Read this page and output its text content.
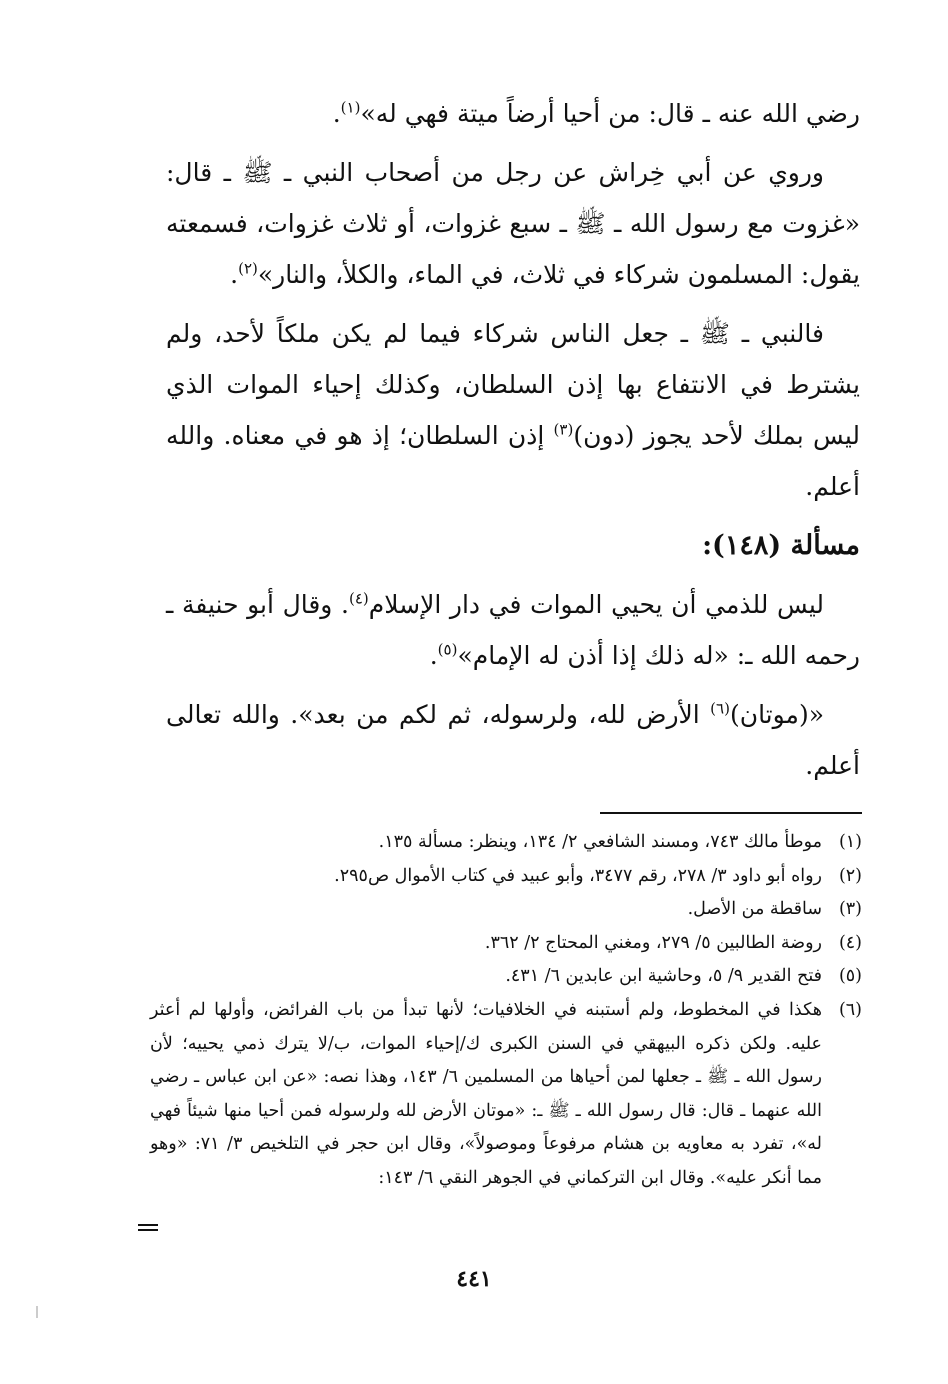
رضي الله عنه ـ قال: من أحيا أرضاً ميتة فهي له»$^{(١)}$.

وروي عن أبي خِراش عن رجل من أصحاب النبي ـ ﷺ ـ قال: «غزوت مع رسول الله ـ ﷺ ـ سبع غزوات، أو ثلاث غزوات، فسمعته يقول: المسلمون شركاء في ثلاث، في الماء، والكلأ، والنار»$^{(٢)}$.

فالنبي ـ ﷺ ـ جعل الناس شركاء فيما لم يكن ملكاً لأحد، ولم يشترط في الانتفاع بها إذن السلطان، وكذلك إحياء الموات الذي ليس بملك لأحد يجوز (دون)$^{(٣)}$ إذن السلطان؛ إذ هو في معناه. والله أعلم.

مسألة (١٤٨):

ليس للذمي أن يحيي الموات في دار الإسلام$^{(٤)}$. وقال أبو حنيفة ـ رحمه الله ـ: «له ذلك إذا أذن له الإمام»$^{(٥)}$.

«(موتان)$^{(٦)}$ الأرض لله، ولرسوله، ثم لكم من بعد». والله تعالى أعلم.

(١)
موطأ مالك ٧٤٣، ومسند الشافعي ٢/ ١٣٤، وينظر: مسألة ١٣٥.
(٢)
رواه أبو داود ٣/ ٢٧٨، رقم ٣٤٧٧، وأبو عبيد في كتاب الأموال ص٢٩٥.
(٣)
ساقطة من الأصل.
(٤)
روضة الطالبين ٥/ ٢٧٩، ومغني المحتاج ٢/ ٣٦٢.
(٥)
فتح القدير ٩/ ٥، وحاشية ابن عابدين ٦/ ٤٣١.
(٦)
هكذا في المخطوط، ولم أستبنه في الخلافيات؛ لأنها تبدأ من باب الفرائض، وأولها لم أعثر عليه. ولكن ذكره البيهقي في السنن الكبرى ك/إحياء الموات، ب/لا يترك ذمي يحييه؛ لأن رسول الله ـ ﷺ ـ جعلها لمن أحياها من المسلمين ٦/ ١٤٣، وهذا نصه: «عن ابن عباس ـ رضي الله عنهما ـ قال: قال رسول الله ـ ﷺ ـ: «موتان الأرض لله ولرسوله فمن أحيا منها شيئاً فهي له»، تفرد به معاويه بن هشام مرفوعاً وموصولاً»، وقال ابن حجر في التلخيص ٣/ ٧١: «وهو مما أنكر عليه». وقال ابن التركماني في الجوهر النقي ٦/ ١٤٣:
٤٤١
